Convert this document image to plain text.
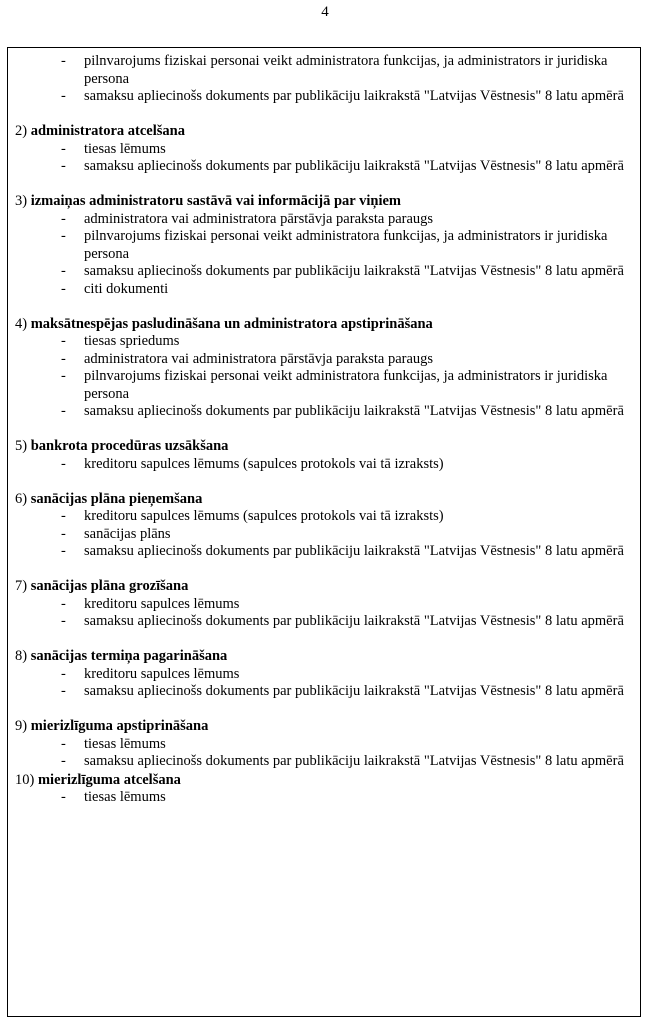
4
-	pilnvarojums fiziskai personai veikt administratora funkcijas, ja administrators ir juridiska persona
-	samaksu apliecinošs dokuments par publikāciju laikrakstā "Latvijas Vēstnesis" 8 latu apmērā
2) administratora atcelšana
-	tiesas lēmums
-	samaksu apliecinošs dokuments par publikāciju laikrakstā "Latvijas Vēstnesis" 8 latu apmērā
3) izmaiņas administratoru sastāvā vai informācijā par viņiem
-	administratora vai administratora pārstāvja paraksta paraugs
-	pilnvarojums fiziskai personai veikt administratora funkcijas, ja administrators ir juridiska persona
-	samaksu apliecinošs dokuments par publikāciju laikrakstā "Latvijas Vēstnesis" 8 latu apmērā
-	citi dokumenti
4) maksātnespējas pasludināšana un administratora apstiprināšana
-	tiesas spriedums
-	administratora vai administratora pārstāvja paraksta paraugs
-	pilnvarojums fiziskai personai veikt administratora funkcijas, ja administrators ir juridiska persona
-	samaksu apliecinošs dokuments par publikāciju laikrakstā "Latvijas Vēstnesis" 8 latu apmērā
5) bankrota procedūras uzsākšana
-	kreditoru sapulces lēmums (sapulces protokols vai tā izraksts)
6) sanācijas plāna pieņemšana
-	kreditoru sapulces lēmums (sapulces protokols vai tā izraksts)
-	sanācijas plāns
-	samaksu apliecinošs dokuments par publikāciju laikrakstā "Latvijas Vēstnesis" 8 latu apmērā
7) sanācijas plāna grozīšana
-	kreditoru sapulces lēmums
-	samaksu apliecinošs dokuments par publikāciju laikrakstā "Latvijas Vēstnesis" 8 latu apmērā
8) sanācijas termiņa pagarināšana
-	kreditoru sapulces lēmums
-	samaksu apliecinošs dokuments par publikāciju laikrakstā "Latvijas Vēstnesis" 8 latu apmērā
9) mierizlīguma apstiprināšana
-	tiesas lēmums
-	samaksu apliecinošs dokuments par publikāciju laikrakstā "Latvijas Vēstnesis" 8 latu apmērā
10) mierizlīguma atcelšana
-	tiesas lēmums
